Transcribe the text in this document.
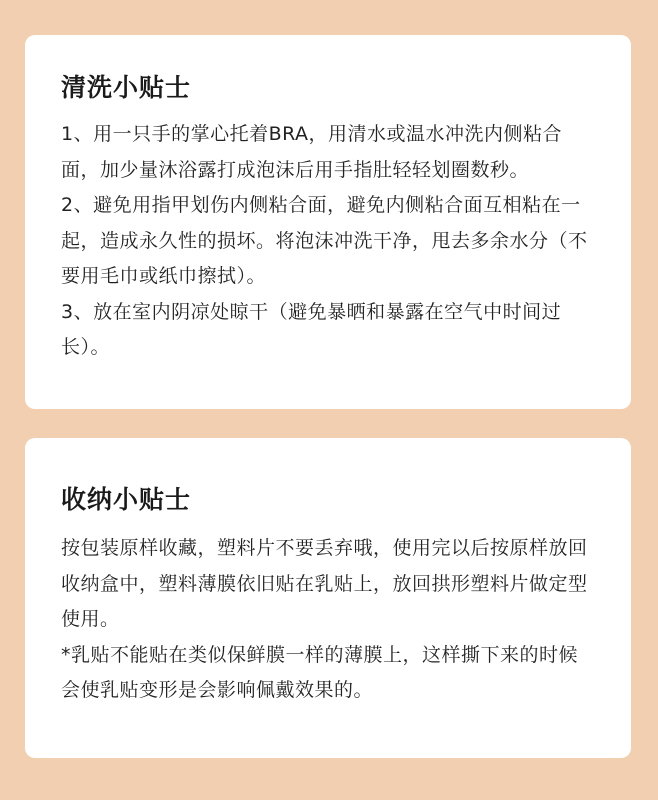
清洗小贴士

1、用一只手的掌心托着BRA，用清水或温水冲洗内侧粘合面，加少量沐浴露打成泡沫后用手指肚轻轻划圈数秒。

2、避免用指甲划伤内侧粘合面，避免内侧粘合面互相粘在一起，造成永久性的损坏。将泡沫冲洗干净，甩去多余水分（不要用毛巾或纸巾擦拭）。

3、放在室内阴凉处晾干（避免暴晒和暴露在空气中时间过长）。

收纳小贴士

按包装原样收藏，塑料片不要丢弃哦，使用完以后按原样放回收纳盒中，塑料薄膜依旧贴在乳贴上，放回拱形塑料片做定型使用。

*乳贴不能贴在类似保鲜膜一样的薄膜上，这样撕下来的时候会使乳贴变形是会影响佩戴效果的。
